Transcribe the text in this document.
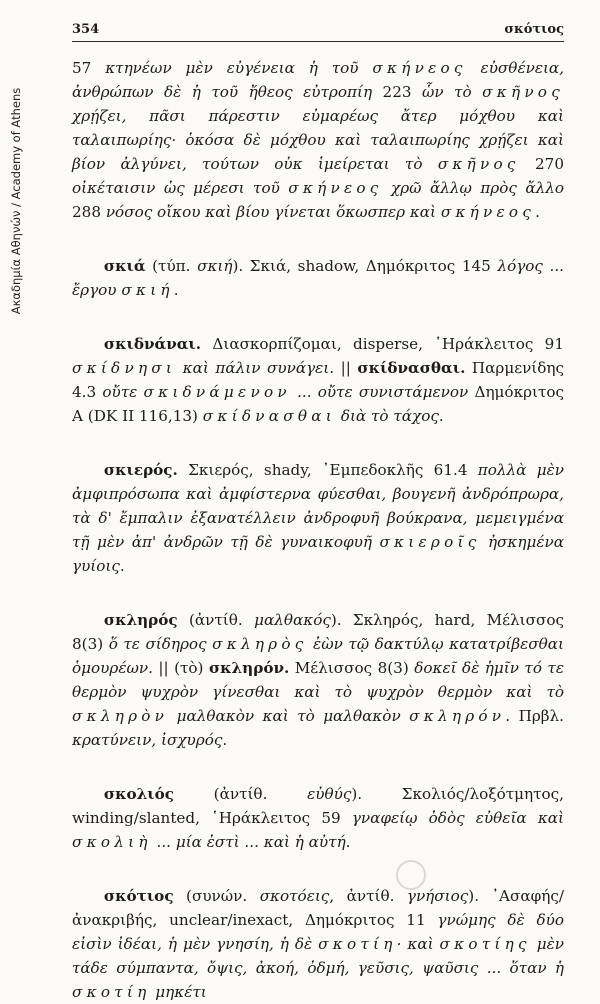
Ακαδημία Αθηνών / Academy of Athens
354	σκότιος

57 κτηνέων μὲν εὐγένεια ἡ τοῦ σκήνεος εὐσθένεια, ἀνθρώπων δὲ ἡ τοῦ ἤθεος εὐτροπίη 223 ὧν τὸ σκῆνος χρῄζει, πᾶσι πάρεστιν εὐμαρέως ἄτερ μόχθου καὶ ταλαιπωρίης· ὁκόσα δὲ μόχθου καὶ ταλαιπωρίης χρῄζει καὶ βίον ἀλγύνει, τούτων οὐκ ἱμείρεται τὸ σκῆνος 270 οἰκέταισιν ὡς μέρεσι τοῦ σκήνεος χρῶ ἄλλῳ πρὸς ἄλλο 288 νόσος οἴκου καὶ βίου γίνεται ὅκωσπερ καὶ σκήνεος.

σκιά (τύπ. σκιή). Σκιά, shadow, Δημόκριτος 145 λόγος ... ἔργου σκιή.

σκιδνάναι. Διασκορπίζομαι, disperse, ῾Ηράκλειτος 91 σκίδνησι καὶ πάλιν συνάγει. || σκίδνασθαι. Παρμενίδης 4.3 οὔτε σκιδνάμενον ... οὔτε συνιστάμενον Δημόκριτος Α (DK II 116,13) σκίδνασθαι διὰ τὸ τάχος.

σκιερός. Σκιερός, shady, ᾿Εμπεδοκλῆς 61.4 πολλὰ μὲν ἀμφιπρόσωπα καὶ ἀμφίστερνα φύεσθαι, βουγενῆ ἀνδρόπρωρα, τὰ δ' ἔμπαλιν ἐξανατέλλειν ἀνδροφυῆ βούκρανα, μεμειγμένα τῇ μὲν ἀπ' ἀνδρῶν τῇ δὲ γυναικοφυῆ σκιεροῖς ἠσκημένα γυίοις.

σκληρός (ἀντίθ. μαλθακός). Σκληρός, hard, Μέλισσος 8(3) ὅ τε σίδηρος σκληρὸς ἐὼν τῷ δακτύλῳ κατατρίβεσθαι ὁμουρέων. || (τὸ) σκληρόν. Μέλισσος 8(3) δοκεῖ δὲ ἡμῖν τό τε θερμὸν ψυχρὸν γίνεσθαι καὶ τὸ ψυχρὸν θερμὸν καὶ τὸ σκληρὸν μαλθακὸν καὶ τὸ μαλθακὸν σκληρόν. Πρβλ. κρατύνειν, ἰσχυρός.

σκολιός (ἀντίθ. εὐθύς). Σκολιός/λοξότμητος, winding/slanted, ῾Ηράκλειτος 59 γναφείῳ ὁδὸς εὐθεῖα καὶ σκολιὴ ... μία ἐστὶ ... καὶ ἡ αὐτή.

σκότιος (συνών. σκοτόεις, ἀντίθ. γνήσιος). ᾿Ασαφής/ἀνακριβής, unclear/inexact, Δημόκριτος 11 γνώμης δὲ δύο εἰσὶν ἰδέαι, ἡ μὲν γνησίη, ἡ δὲ σκοτίη· καὶ σκοτίης μὲν τάδε σύμπαντα, ὄψις, ἀκοή, ὀδμή, γεῦσις, ψαῦσις ... ὅταν ἡ σκοτίη μηκέτι
